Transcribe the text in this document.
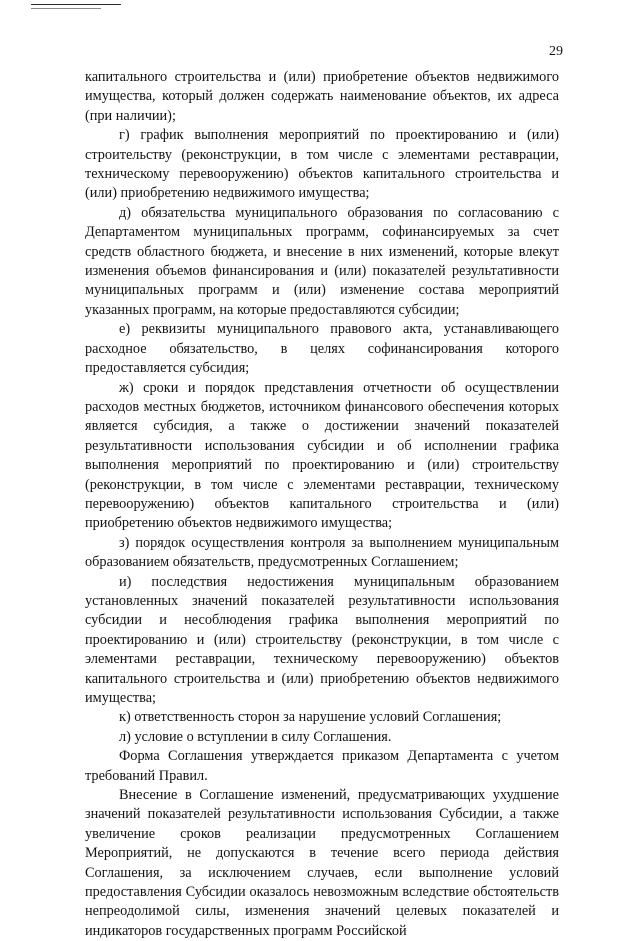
29

капитального строительства и (или) приобретение объектов недвижимого имущества, который должен содержать наименование объектов, их адреса (при наличии);

г) график выполнения мероприятий по проектированию и (или) строительству (реконструкции, в том числе с элементами реставрации, техническому перевооружению) объектов капитального строительства и (или) приобретению недвижимого имущества;

д) обязательства муниципального образования по согласованию с Департаментом муниципальных программ, софинансируемых за счет средств областного бюджета, и внесение в них изменений, которые влекут изменения объемов финансирования и (или) показателей результативности муниципальных программ и (или) изменение состава мероприятий указанных программ, на которые предоставляются субсидии;

е) реквизиты муниципального правового акта, устанавливающего расходное обязательство, в целях софинансирования которого предоставляется субсидия;

ж) сроки и порядок представления отчетности об осуществлении расходов местных бюджетов, источником финансового обеспечения которых является субсидия, а также о достижении значений показателей результативности использования субсидии и об исполнении графика выполнения мероприятий по проектированию и (или) строительству (реконструкции, в том числе с элементами реставрации, техническому перевооружению) объектов капитального строительства и (или) приобретению объектов недвижимого имущества;

з) порядок осуществления контроля за выполнением муниципальным образованием обязательств, предусмотренных Соглашением;

и) последствия недостижения муниципальным образованием установленных значений показателей результативности использования субсидии и несоблюдения графика выполнения мероприятий по проектированию и (или) строительству (реконструкции, в том числе с элементами реставрации, техническому перевооружению) объектов капитального строительства и (или) приобретению объектов недвижимого имущества;

к) ответственность сторон за нарушение условий Соглашения;

л) условие о вступлении в силу Соглашения.

Форма Соглашения утверждается приказом Департамента с учетом требований Правил.

Внесение в Соглашение изменений, предусматривающих ухудшение значений показателей результативности использования Субсидии, а также увеличение сроков реализации предусмотренных Соглашением Мероприятий, не допускаются в течение всего периода действия Соглашения, за исключением случаев, если выполнение условий предоставления Субсидии оказалось невозможным вследствие обстоятельств непреодолимой силы, изменения значений целевых показателей и индикаторов государственных программ Российской
